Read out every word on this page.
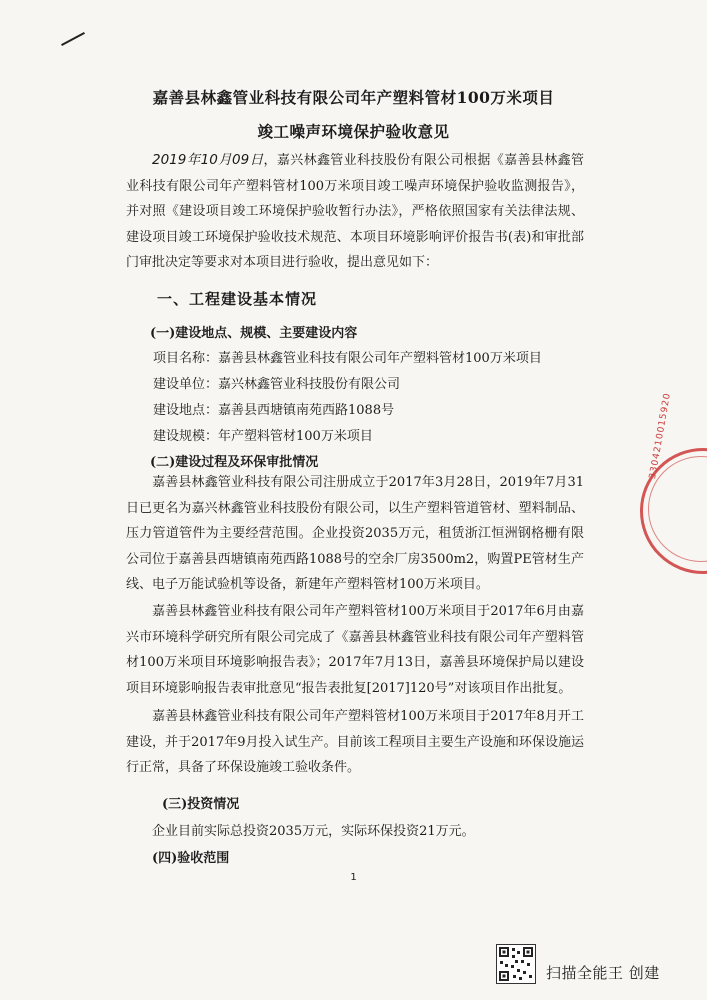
嘉善县林鑫管业科技有限公司年产塑料管材100万米项目
竣工噪声环境保护验收意见
2019年10月09日，嘉兴林鑫管业科技股份有限公司根据《嘉善县林鑫管业科技有限公司年产塑料管材100万米项目竣工噪声环境保护验收监测报告》，并对照《建设项目竣工环境保护验收暂行办法》，严格依照国家有关法律法规、建设项目竣工环境保护验收技术规范、本项目环境影响评价报告书(表)和审批部门审批决定等要求对本项目进行验收，提出意见如下：
一、工程建设基本情况
(一)建设地点、规模、主要建设内容
项目名称：嘉善县林鑫管业科技有限公司年产塑料管材100万米项目
建设单位：嘉兴林鑫管业科技股份有限公司
建设地点：嘉善县西塘镇南苑西路1088号
建设规模：年产塑料管材100万米项目
(二)建设过程及环保审批情况
嘉善县林鑫管业科技有限公司注册成立于2017年3月28日，2019年7月31日已更名为嘉兴林鑫管业科技股份有限公司，以生产塑料管道管材、塑料制品、压力管道管件为主要经营范围。企业投资2035万元，租赁浙江恒洲钢格栅有限公司位于嘉善县西塘镇南苑西路1088号的空余厂房3500m2，购置PE管材生产线、电子万能试验机等设备，新建年产塑料管材100万米项目。
嘉善县林鑫管业科技有限公司年产塑料管材100万米项目于2017年6月由嘉兴市环境科学研究所有限公司完成了《嘉善县林鑫管业科技有限公司年产塑料管材100万米项目环境影响报告表》；2017年7月13日，嘉善县环境保护局以建设项目环境影响报告表审批意见“报告表批复[2017]120号”对该项目作出批复。
嘉善县林鑫管业科技有限公司年产塑料管材100万米项目于2017年8月开工建设，并于2017年9月投入试生产。目前该工程项目主要生产设施和环保设施运行正常，具备了环保设施竣工验收条件。
(三)投资情况
企业目前实际总投资2035万元，实际环保投资21万元。
(四)验收范围
1
3304210015920
扫描全能王 创建
